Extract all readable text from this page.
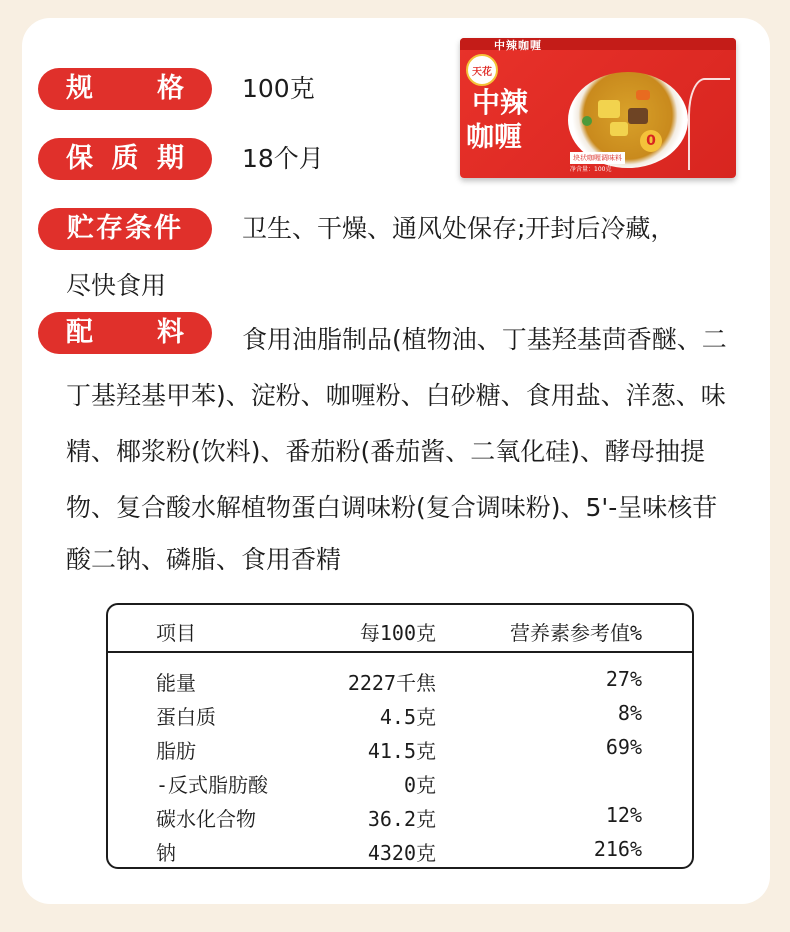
规 格 100克
保 质 期 18个月
贮存条件 卫生、干燥、通风处保存;开封后冷藏，
尽快食用
配 料 食用油脂制品(植物油、丁基羟基茴香醚、二
丁基羟基甲苯)、淀粉、咖喱粉、白砂糖、食用盐、洋葱、味
精、椰浆粉(饮料)、番茄粉(番茄酱、二氧化硅)、酵母抽提
物、复合酸水解植物蛋白调味粉(复合调味粉)、5'-呈味核苷
酸二钠、磷脂、食用香精
中辣咖喱
天花
中辣
咖喱
块状咖喱调味料
净含量：100克
0
项目	每100克	营养素参考值%
能量	2227千焦	27%
蛋白质	4.5克	8%
脂肪	41.5克	69%
-反式脂肪酸	0克
碳水化合物	36.2克	12%
钠	4320克	216%
